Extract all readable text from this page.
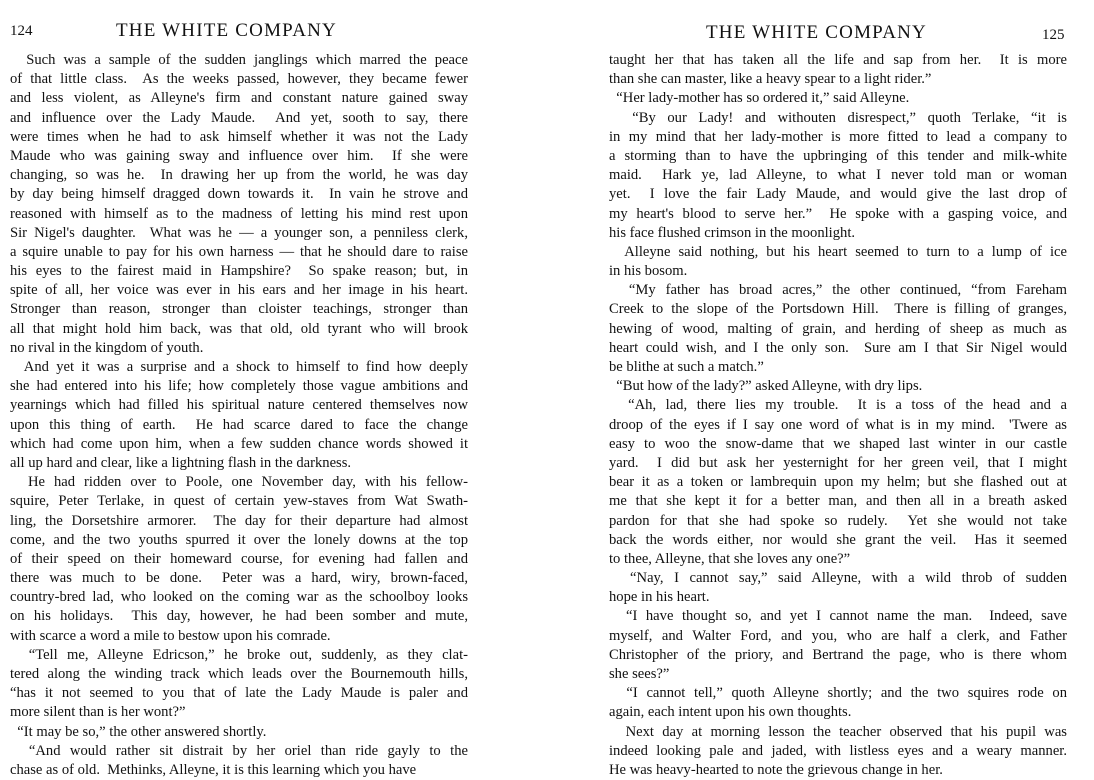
124	THE WHITE COMPANY
Such was a sample of the sudden janglings which marred the peace
of that little class.  As the weeks passed, however, they became fewer
and less violent, as Alleyne's firm and constant nature gained sway
and influence over the Lady Maude.  And yet, sooth to say, there
were times when he had to ask himself whether it was not the Lady
Maude who was gaining sway and influence over him.  If she were
changing, so was he.  In drawing her up from the world, he was day
by day being himself dragged down towards it.  In vain he strove and
reasoned with himself as to the madness of letting his mind rest upon
Sir Nigel's daughter.  What was he — a younger son, a penniless clerk,
a squire unable to pay for his own harness — that he should dare to raise
his eyes to the fairest maid in Hampshire?  So spake reason; but, in
spite of all, her voice was ever in his ears and her image in his heart.
Stronger than reason, stronger than cloister teachings, stronger than
all that might hold him back, was that old, old tyrant who will brook
no rival in the kingdom of youth.
And yet it was a surprise and a shock to himself to find how deeply
she had entered into his life; how completely those vague ambitions and
yearnings which had filled his spiritual nature centered themselves now
upon this thing of earth.  He had scarce dared to face the change
which had come upon him, when a few sudden chance words showed it
all up hard and clear, like a lightning flash in the darkness.
He had ridden over to Poole, one November day, with his fellow-
squire, Peter Terlake, in quest of certain yew-staves from Wat Swath-
ling, the Dorsetshire armorer.  The day for their departure had almost
come, and the two youths spurred it over the lonely downs at the top
of their speed on their homeward course, for evening had fallen and
there was much to be done.  Peter was a hard, wiry, brown-faced,
country-bred lad, who looked on the coming war as the schoolboy looks
on his holidays.  This day, however, he had been somber and mute,
with scarce a word a mile to bestow upon his comrade.
“Tell me, Alleyne Edricson,” he broke out, suddenly, as they clat-
tered along the winding track which leads over the Bournemouth hills,
“has it not seemed to you that of late the Lady Maude is paler and
more silent than is her wont?”
“It may be so,” the other answered shortly.
“And would rather sit distrait by her oriel than ride gayly to the
chase as of old.  Methinks, Alleyne, it is this learning which you have
THE WHITE COMPANY	125
taught her that has taken all the life and sap from her.  It is more
than she can master, like a heavy spear to a light rider.”
“Her lady-mother has so ordered it,” said Alleyne.
“By our Lady! and withouten disrespect,” quoth Terlake, “it is
in my mind that her lady-mother is more fitted to lead a company to
a storming than to have the upbringing of this tender and milk-white
maid.  Hark ye, lad Alleyne, to what I never told man or woman
yet.  I love the fair Lady Maude, and would give the last drop of
my heart's blood to serve her.”  He spoke with a gasping voice, and
his face flushed crimson in the moonlight.
Alleyne said nothing, but his heart seemed to turn to a lump of ice
in his bosom.
“My father has broad acres,” the other continued, “from Fareham
Creek to the slope of the Portsdown Hill.  There is filling of granges,
hewing of wood, malting of grain, and herding of sheep as much as
heart could wish, and I the only son.  Sure am I that Sir Nigel would
be blithe at such a match.”
“But how of the lady?” asked Alleyne, with dry lips.
“Ah, lad, there lies my trouble.  It is a toss of the head and a
droop of the eyes if I say one word of what is in my mind.  'Twere as
easy to woo the snow-dame that we shaped last winter in our castle
yard.  I did but ask her yesternight for her green veil, that I might
bear it as a token or lambrequin upon my helm; but she flashed out at
me that she kept it for a better man, and then all in a breath asked
pardon for that she had spoke so rudely.  Yet she would not take
back the words either, nor would she grant the veil.  Has it seemed
to thee, Alleyne, that she loves any one?”
“Nay, I cannot say,” said Alleyne, with a wild throb of sudden
hope in his heart.
“I have thought so, and yet I cannot name the man.  Indeed, save
myself, and Walter Ford, and you, who are half a clerk, and Father
Christopher of the priory, and Bertrand the page, who is there whom
she sees?”
“I cannot tell,” quoth Alleyne shortly; and the two squires rode on
again, each intent upon his own thoughts.
Next day at morning lesson the teacher observed that his pupil was
indeed looking pale and jaded, with listless eyes and a weary manner.
He was heavy-hearted to note the grievous change in her.
